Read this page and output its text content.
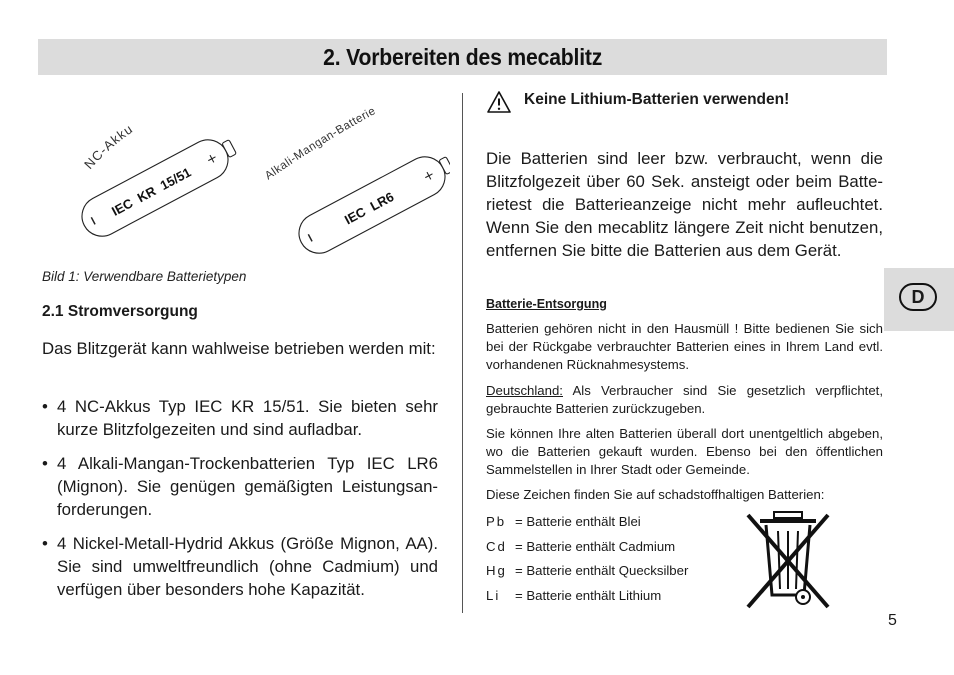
2. Vorbereiten des mecablitz
+
IEC  KR  15/51
NC-Akku
+
IEC  LR6
Alkali-Mangan-Batterie
Bild 1: Verwendbare Batterietypen
2.1 Stromversorgung
Das Blitzgerät kann wahlweise betrieben werden mit:
• 4 NC-Akkus Typ IEC KR 15/51. Sie bieten sehr kurze Blitzfolgezeiten und sind aufladbar.
• 4 Alkali-Mangan-Trockenbatterien Typ IEC LR6 (Mignon). Sie genügen gemäßigten Leistungsan-forderungen.
• 4 Nickel-Metall-Hydrid Akkus (Größe Mignon, AA). Sie sind umweltfreundlich (ohne Cadmium) und verfügen über besonders hohe Kapazität.
Keine Lithium-Batterien verwenden!
Die Batterien sind leer bzw. verbraucht, wenn die Blitzfolgezeit über 60 Sek. ansteigt oder beim Batte-rietest die Batterieanzeige nicht mehr aufleuchtet. Wenn Sie den mecablitz längere Zeit nicht benutzen, entfernen Sie bitte die Batterien aus dem Gerät.
Batterie-Entsorgung
Batterien gehören nicht in den Hausmüll ! Bitte bedienen Sie sich bei der Rückgabe verbrauchter Batterien eines in Ihrem Land evtl. vorhandenen Rücknahmesystems.
Deutschland: Als Verbraucher sind Sie gesetzlich verpflichtet, gebrauchte Batterien zurückzugeben.
Sie können Ihre alten Batterien überall dort unentgeltlich abgeben, wo die Batterien gekauft wurden. Ebenso bei den öffentlichen Sammelstellen in Ihrer Stadt oder Gemeinde.
Diese Zeichen finden Sie auf schadstoffhaltigen Batterien:
Pb = Batterie enthält Blei
Cd = Batterie enthält Cadmium
Hg = Batterie enthält Quecksilber
Li	= Batterie enthält Lithium
D
5
